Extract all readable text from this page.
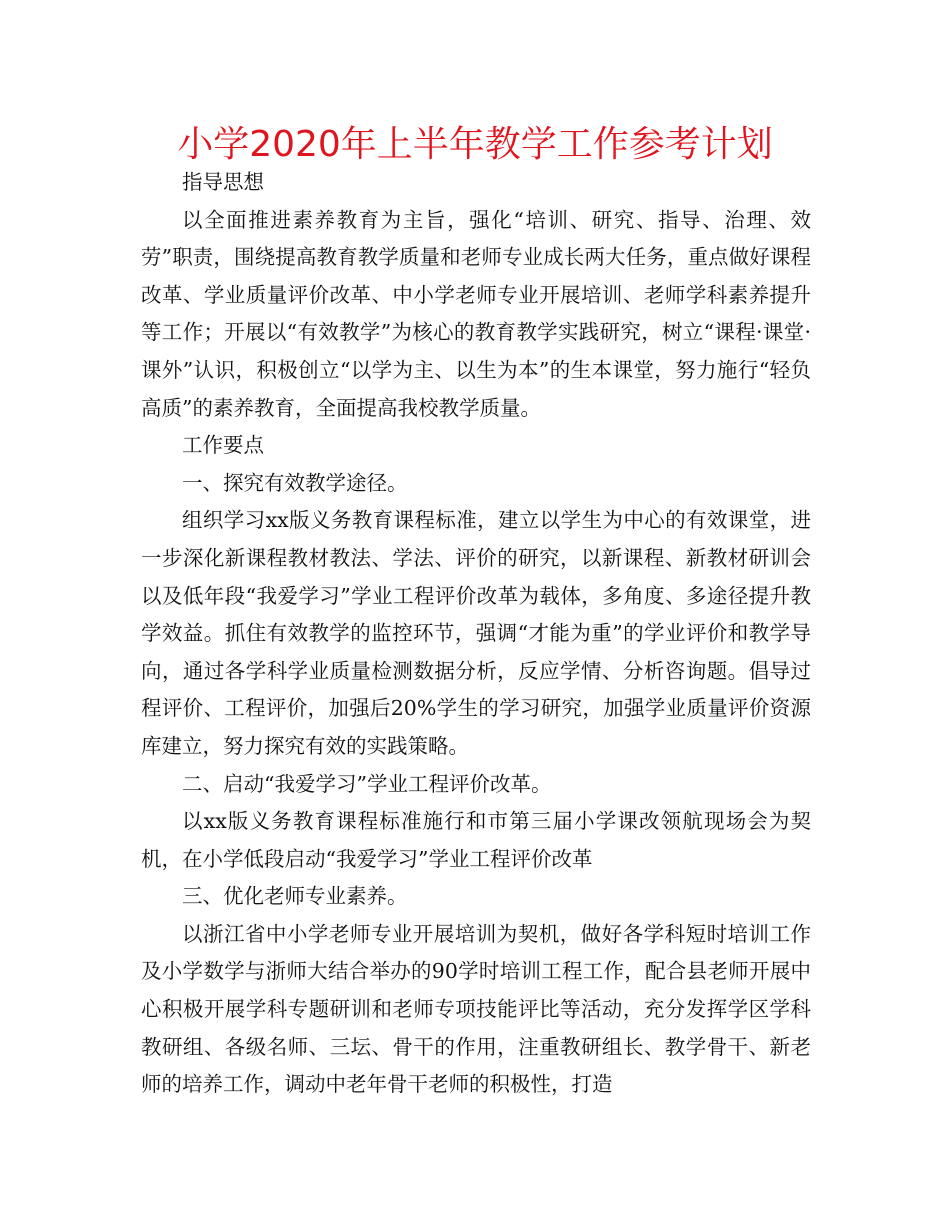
小学2020年上半年教学工作参考计划

指导思想

以全面推进素养教育为主旨，强化“培训、研究、指导、治理、效劳”职责，围绕提高教育教学质量和老师专业成长两大任务，重点做好课程改革、学业质量评价改革、中小学老师专业开展培训、老师学科素养提升等工作；开展以“有效教学”为核心的教育教学实践研究，树立“课程·课堂·课外”认识，积极创立“以学为主、以生为本”的生本课堂，努力施行“轻负高质”的素养教育，全面提高我校教学质量。

工作要点

一、探究有效教学途径。

组织学习xx版义务教育课程标准，建立以学生为中心的有效课堂，进一步深化新课程教材教法、学法、评价的研究，以新课程、新教材研训会以及低年段“我爱学习”学业工程评价改革为载体，多角度、多途径提升教学效益。抓住有效教学的监控环节，强调“才能为重”的学业评价和教学导向，通过各学科学业质量检测数据分析，反应学情、分析咨询题。倡导过程评价、工程评价，加强后20%学生的学习研究，加强学业质量评价资源库建立，努力探究有效的实践策略。

二、启动“我爱学习”学业工程评价改革。

以xx版义务教育课程标准施行和市第三届小学课改领航现场会为契机，在小学低段启动“我爱学习”学业工程评价改革

三、优化老师专业素养。

以浙江省中小学老师专业开展培训为契机，做好各学科短时培训工作及小学数学与浙师大结合举办的90学时培训工程工作，配合县老师开展中心积极开展学科专题研训和老师专项技能评比等活动，充分发挥学区学科教研组、各级名师、三坛、骨干的作用，注重教研组长、教学骨干、新老师的培养工作，调动中老年骨干老师的积极性，打造
